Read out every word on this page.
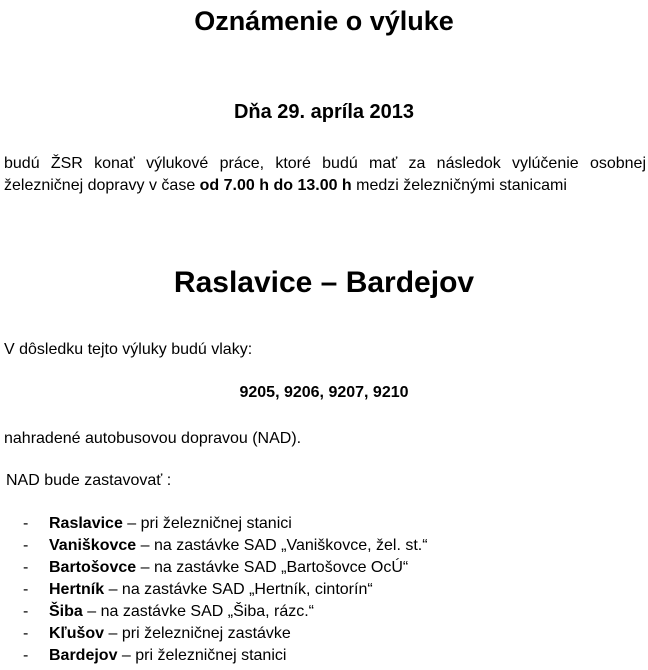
Oznámenie o výluke
Dňa 29. apríla 2013

budú ŽSR konať výlukové práce, ktoré budú mať za následok vylúčenie osobnej železničnej dopravy v čase od 7.00 h do 13.00 h medzi železničnými stanicami

Raslavice – Bardejov
V dôsledku tejto výluky budú vlaky:
9205, 9206, 9207, 9210
nahradené autobusovou dopravou (NAD).
NAD bude zastavovať :
- Raslavice – pri železničnej stanici
- Vaniškovce – na zastávke SAD „Vaniškovce, žel. st.“
- Bartošovce – na zastávke SAD „Bartošovce OcÚ“
- Hertník – na zastávke SAD „Hertník, cintorín“
- Šiba – na zastávke SAD „Šiba, rázc.“
- Kľušov – pri železničnej zastávke
- Bardejov – pri železničnej stanici
